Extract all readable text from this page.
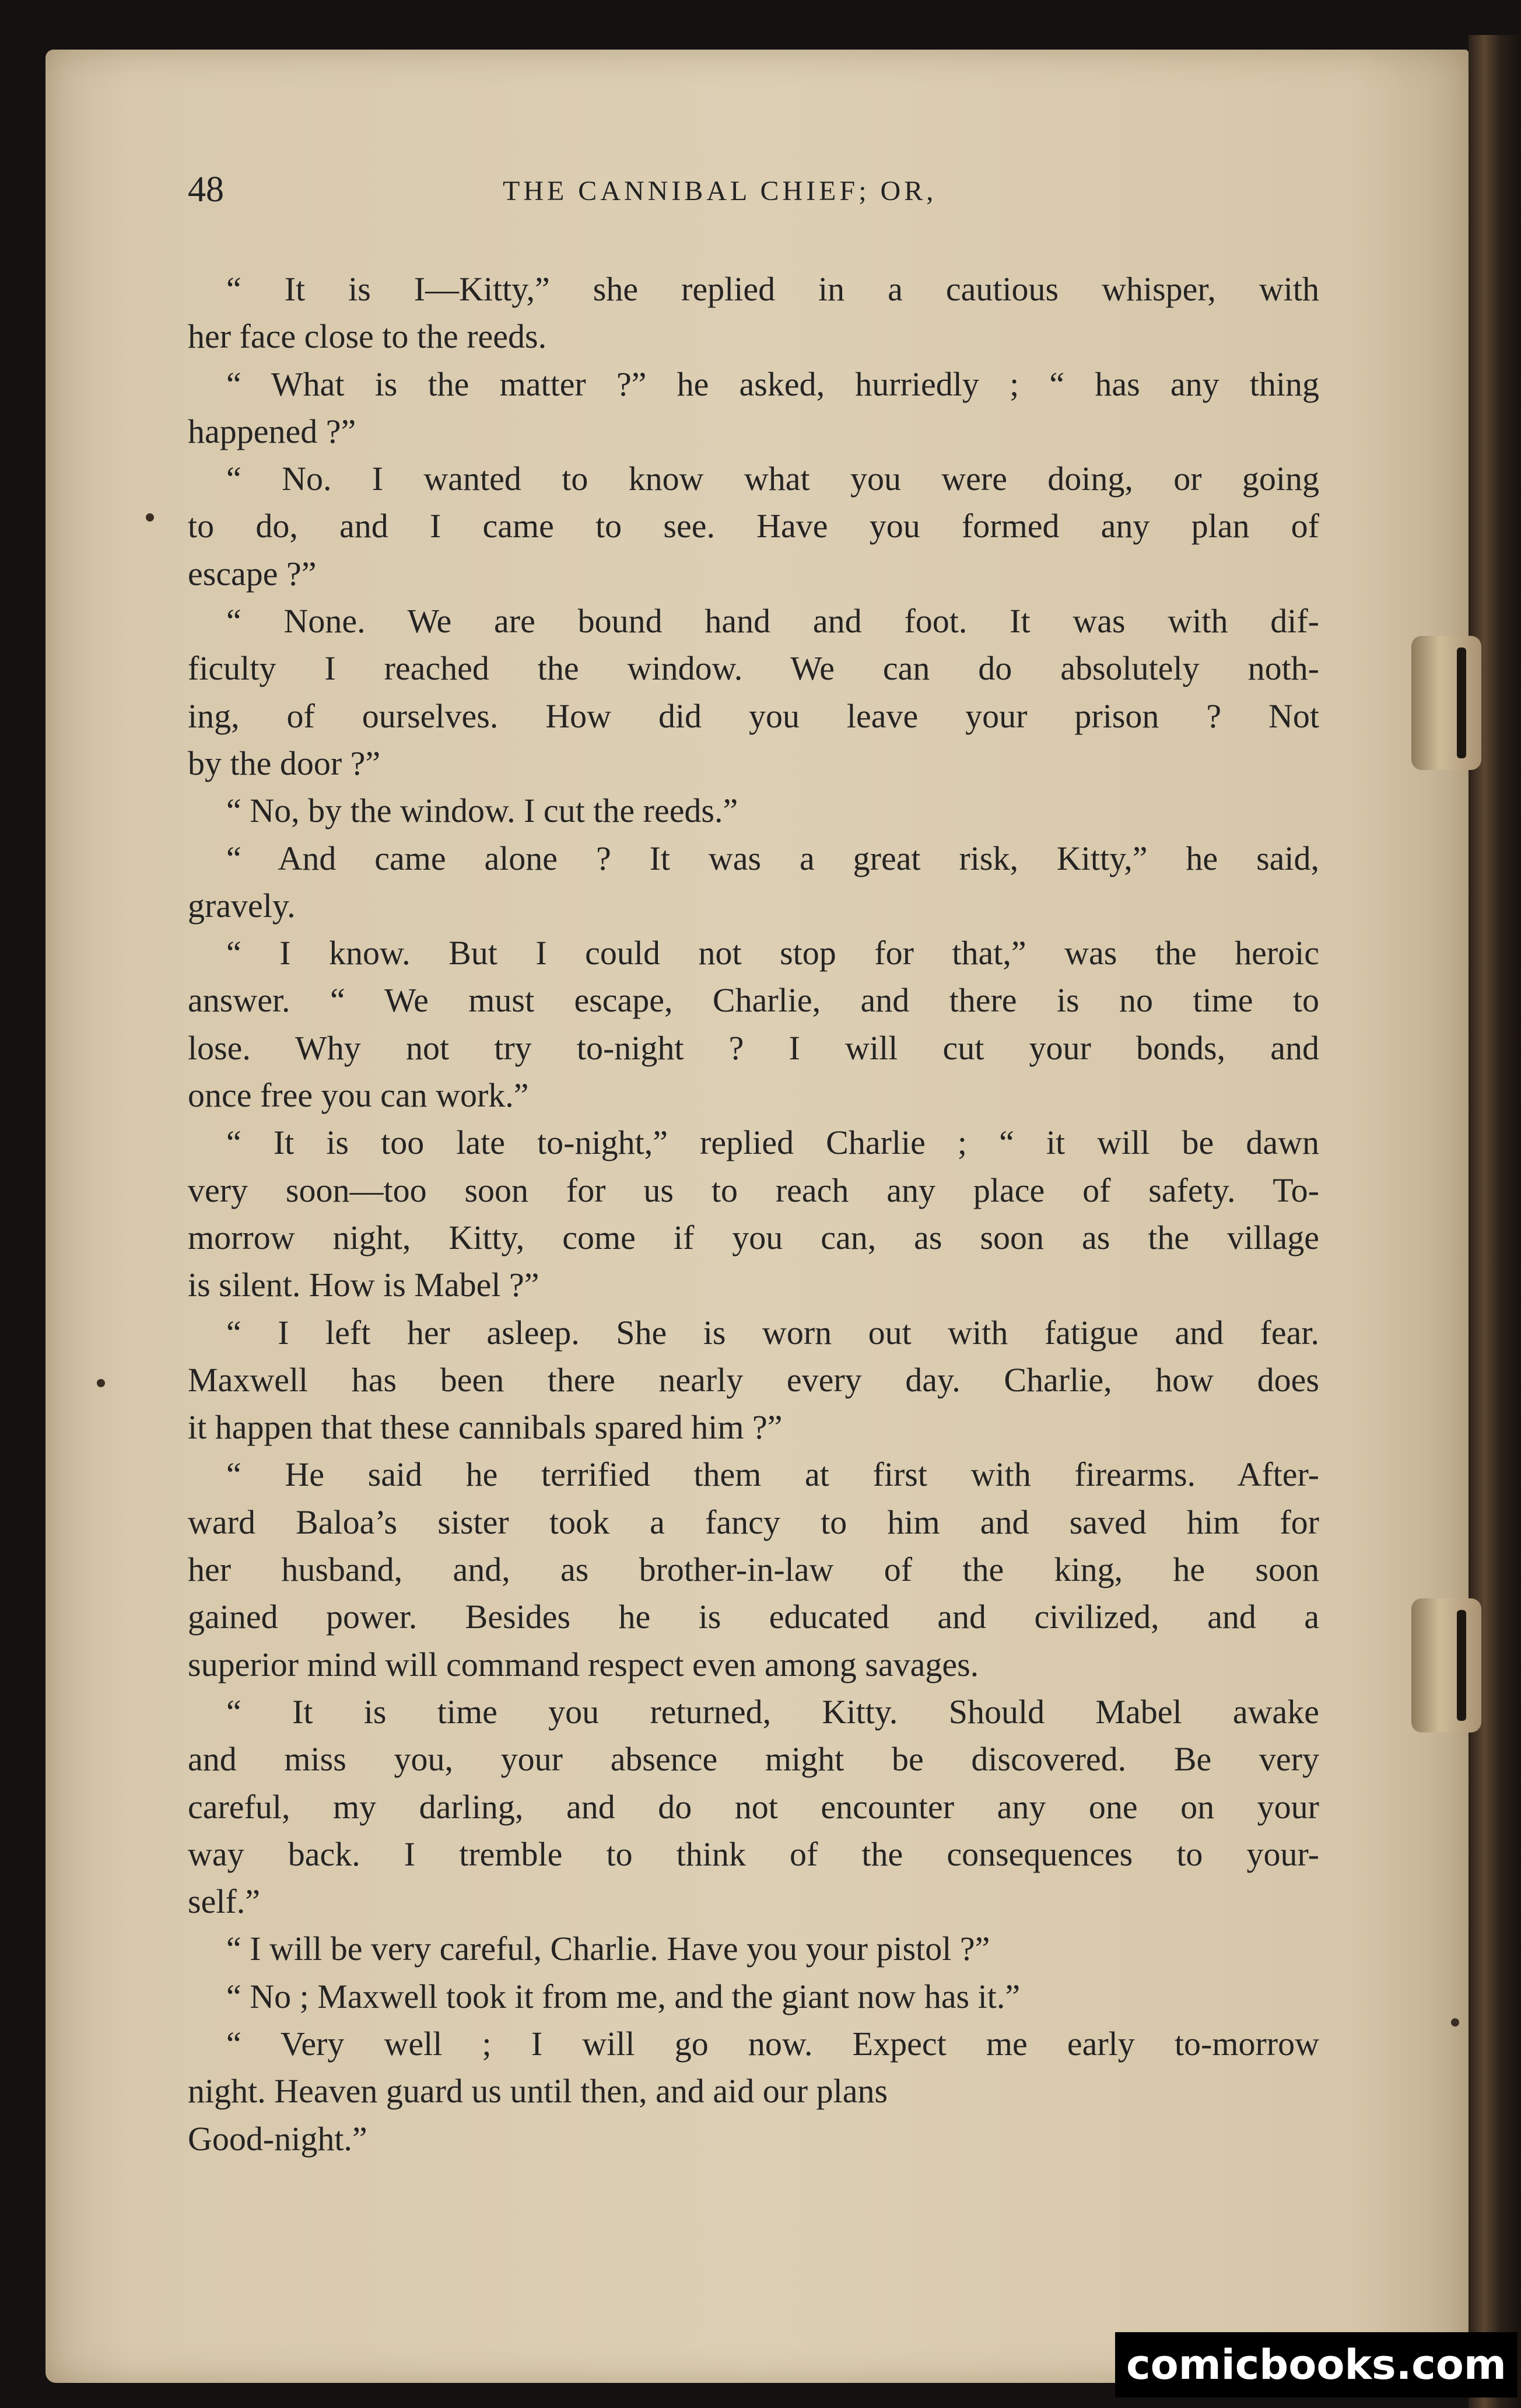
48	THE CANNIBAL CHIEF; OR,
“ It is I—Kitty,” she replied in a cautious whisper, with
her face close to the reeds.
“ What is the matter ?” he asked, hurriedly ; “ has any thing
happened ?”
“ No. I wanted to know what you were doing, or going
to do, and I came to see. Have you formed any plan of
escape ?”
“ None. We are bound hand and foot. It was with dif-
ficulty I reached the window. We can do absolutely noth-
ing, of ourselves. How did you leave your prison ? Not
by the door ?”
“ No, by the window. I cut the reeds.”
“ And came alone ? It was a great risk, Kitty,” he said,
gravely.
“ I know. But I could not stop for that,” was the heroic
answer. “ We must escape, Charlie, and there is no time to
lose. Why not try to-night ? I will cut your bonds, and
once free you can work.”
“ It is too late to-night,” replied Charlie ; “ it will be dawn
very soon—too soon for us to reach any place of safety. To-
morrow night, Kitty, come if you can, as soon as the village
is silent. How is Mabel ?”
“ I left her asleep. She is worn out with fatigue and fear.
Maxwell has been there nearly every day. Charlie, how does
it happen that these cannibals spared him ?”
“ He said he terrified them at first with firearms. After-
ward Baloa’s sister took a fancy to him and saved him for
her husband, and, as brother-in-law of the king, he soon
gained power. Besides he is educated and civilized, and a
superior mind will command respect even among savages.
“ It is time you returned, Kitty. Should Mabel awake
and miss you, your absence might be discovered. Be very
careful, my darling, and do not encounter any one on your
way back. I tremble to think of the consequences to your-
self.”
“ I will be very careful, Charlie. Have you your pistol ?”
“ No ; Maxwell took it from me, and the giant now has it.”
“ Very well ; I will go now. Expect me early to-morrow
night. Heaven guard us until then, and aid our plans
Good-night.”
comicbooks.com
